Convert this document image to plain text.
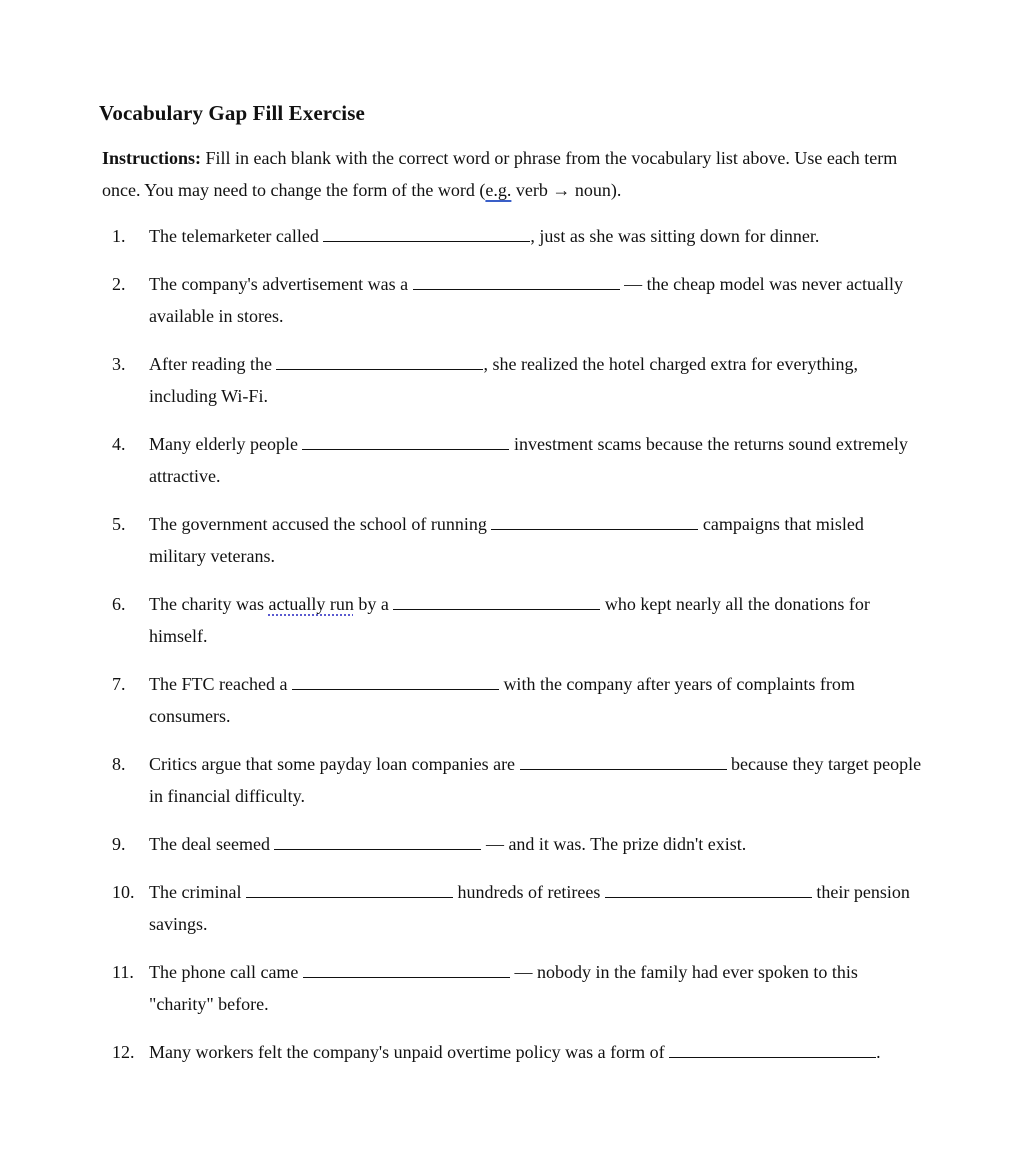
Vocabulary Gap Fill Exercise
Instructions: Fill in each blank with the correct word or phrase from the vocabulary list above. Use each term once. You may need to change the form of the word (e.g. verb → noun).
1.	The telemarketer called	, just as she was sitting down for dinner.
2.	The company's advertisement was a	— the cheap model was never actually available in stores.
3.	After reading the	, she realized the hotel charged extra for everything, including Wi-Fi.
4.	Many elderly people	investment scams because the returns sound extremely attractive.
5.	The government accused the school of running	campaigns that misled military veterans.
6.	The charity was actually run by a	who kept nearly all the donations for himself.
7.	The FTC reached a	with the company after years of complaints from consumers.
8.	Critics argue that some payday loan companies are	because they target people in financial difficulty.
9.	The deal seemed	— and it was. The prize didn't exist.
10. The criminal	hundreds of retirees	their pension savings.
11. The phone call came	— nobody in the family had ever spoken to this "charity" before.
12. Many workers felt the company's unpaid overtime policy was a form of	.
